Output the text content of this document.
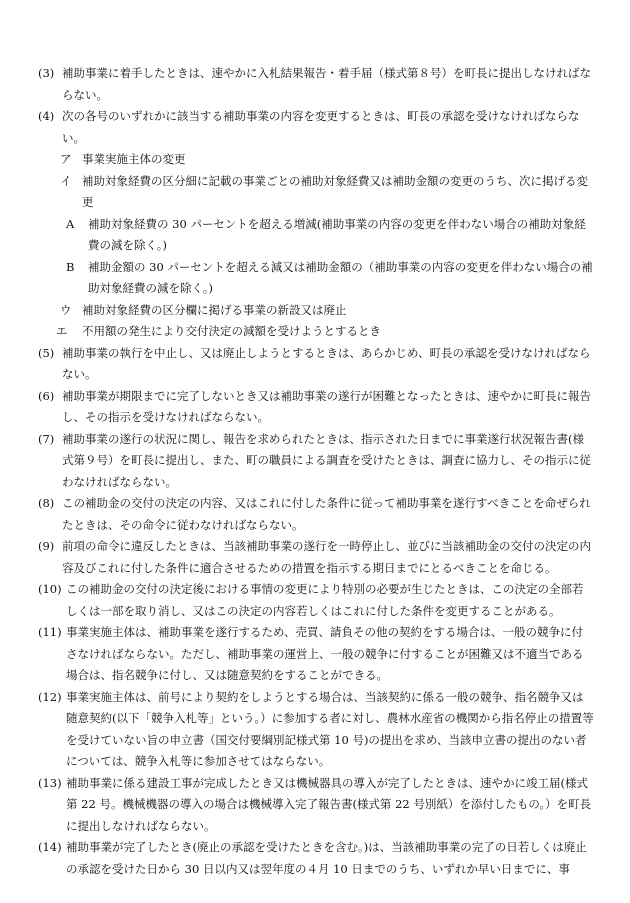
(3) 補助事業に着手したときは、速やかに入札結果報告・着手届（様式第８号）を町長に提出しなければならない。

(4) 次の各号のいずれかに該当する補助事業の内容を変更するときは、町長の承認を受けなければならない。

ア 事業実施主体の変更

イ 補助対象経費の区分細に記載の事業ごとの補助対象経費又は補助金額の変更のうち、次に掲げる変更

A 補助対象経費の 30 パーセントを超える増減(補助事業の内容の変更を伴わない場合の補助対象経費の減を除く。)

B 補助金額の 30 パーセントを超える減又は補助金額の（補助事業の内容の変更を伴わない場合の補助対象経費の減を除く。)

ウ 補助対象経費の区分欄に掲げる事業の新設又は廃止

エ 不用額の発生により交付決定の減額を受けようとするとき

(5) 補助事業の執行を中止し、又は廃止しようとするときは、あらかじめ、町長の承認を受けなければならない。

(6) 補助事業が期限までに完了しないとき又は補助事業の遂行が困難となったときは、速やかに町長に報告し、その指示を受けなければならない。

(7) 補助事業の遂行の状況に関し、報告を求められたときは、指示された日までに事業遂行状況報告書(様式第９号）を町長に提出し、また、町の職員による調査を受けたときは、調査に協力し、その指示に従わなければならない。

(8) この補助金の交付の決定の内容、又はこれに付した条件に従って補助事業を遂行すべきことを命ぜられたときは、その命令に従わなければならない。

(9) 前項の命令に違反したときは、当該補助事業の遂行を一時停止し、並びに当該補助金の交付の決定の内容及びこれに付した条件に適合させるための措置を指示する期日までにとるべきことを命じる。

(10) この補助金の交付の決定後における事情の変更により特別の必要が生じたときは、この決定の全部若しくは一部を取り消し、又はこの決定の内容若しくはこれに付した条件を変更することがある。

(11) 事業実施主体は、補助事業を遂行するため、売買、請負その他の契約をする場合は、一般の競争に付さなければならない。ただし、補助事業の運営上、一般の競争に付することが困難又は不適当である場合は、指名競争に付し、又は随意契約をすることができる。

(12) 事業実施主体は、前号により契約をしようとする場合は、当該契約に係る一般の競争、指名競争又は随意契約(以下「競争入札等」という。）に参加する者に対し、農林水産省の機関から指名停止の措置等を受けていない旨の申立書（国交付要綱別記様式第 10 号)の提出を求め、当該申立書の提出のない者については、競争入札等に参加させてはならない。

(13) 補助事業に係る建設工事が完成したとき又は機械器具の導入が完了したときは、速やかに竣工届(様式第 22 号。機械機器の導入の場合は機械導入完了報告書(様式第 22 号別紙）を添付したもの。）を町長に提出しなければならない。

(14) 補助事業が完了したとき(廃止の承認を受けたときを含む。)は、当該補助事業の完了の日若しくは廃止の承認を受けた日から 30 日以内又は翌年度の４月 10 日までのうち、いずれか早い日までに、事
